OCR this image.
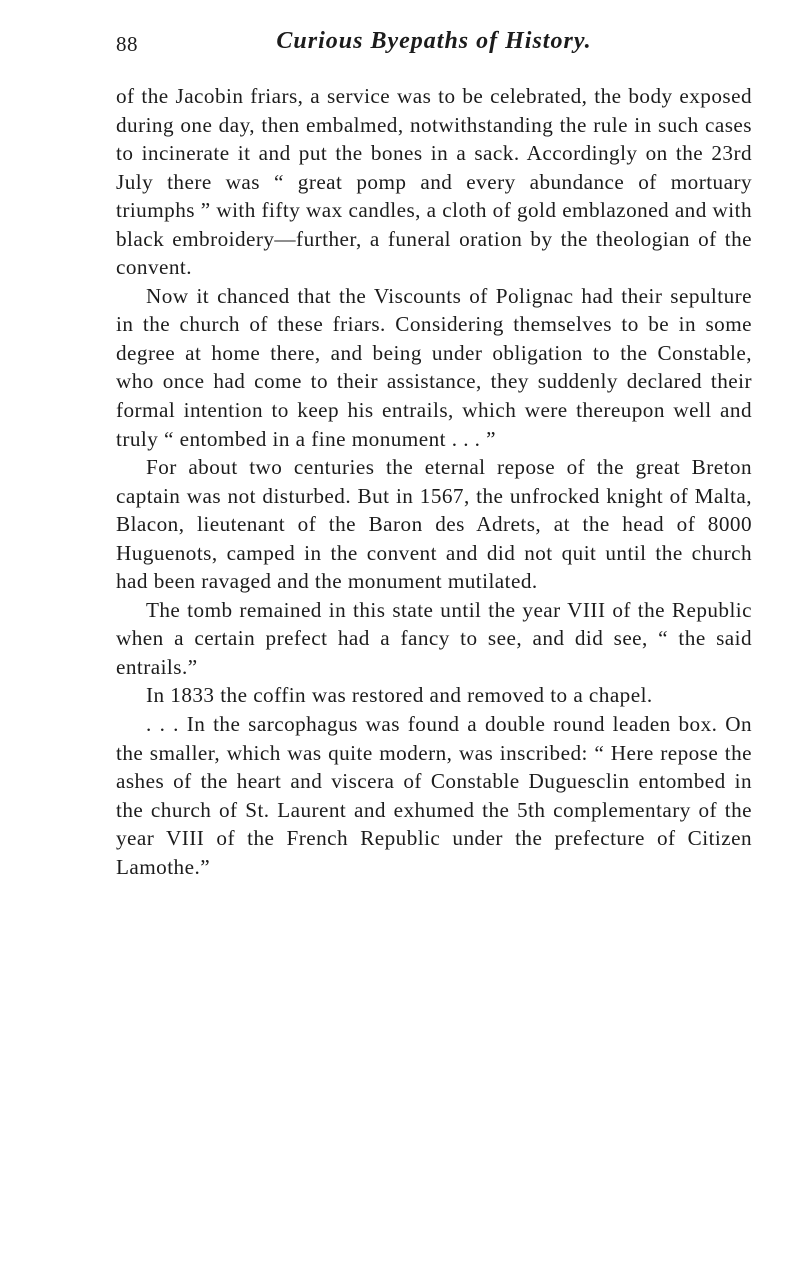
88	Curious Byepaths of History.

of the Jacobin friars, a service was to be celebrated, the body exposed during one day, then embalmed, notwithstanding the rule in such cases to incinerate it and put the bones in a sack. Accordingly on the 23rd July there was “ great pomp and every abundance of mortuary triumphs ” with fifty wax candles, a cloth of gold emblazoned and with black embroidery—further, a funeral oration by the theologian of the convent.

Now it chanced that the Viscounts of Polignac had their sepulture in the church of these friars. Considering themselves to be in some degree at home there, and being under obligation to the Constable, who once had come to their assistance, they suddenly declared their formal intention to keep his entrails, which were thereupon well and truly “ entombed in a fine monument . . . ”

For about two centuries the eternal repose of the great Breton captain was not disturbed. But in 1567, the unfrocked knight of Malta, Blacon, lieutenant of the Baron des Adrets, at the head of 8000 Huguenots, camped in the convent and did not quit until the church had been ravaged and the monument mutilated.

The tomb remained in this state until the year VIII of the Republic when a certain prefect had a fancy to see, and did see, “ the said entrails.”

In 1833 the coffin was restored and removed to a chapel.

. . . In the sarcophagus was found a double round leaden box. On the smaller, which was quite modern, was inscribed: “ Here repose the ashes of the heart and viscera of Constable Duguesclin entombed in the church of St. Laurent and exhumed the 5th complementary of the year VIII of the French Republic under the prefecture of Citizen Lamothe.”
